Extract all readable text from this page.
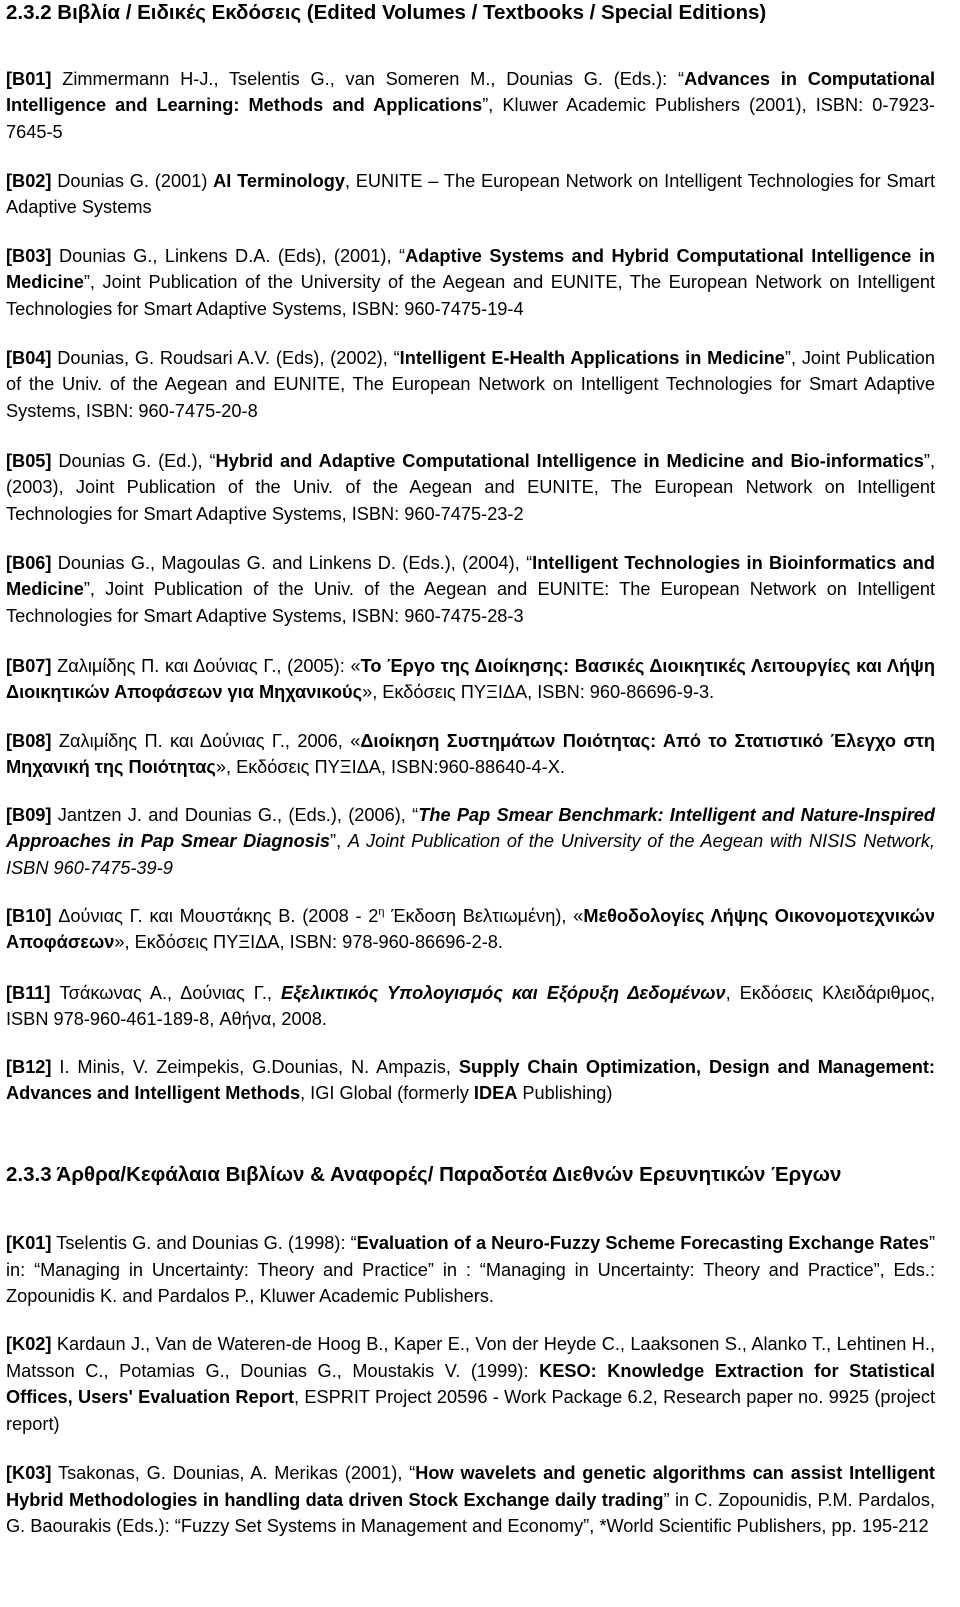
2.3.2 Βιβλία / Ειδικές Εκδόσεις (Edited Volumes / Textbooks / Special Editions)

[B01] Zimmermann H-J., Tselentis G., van Someren M., Dounias G. (Eds.): “Advances in Computational Intelligence and Learning: Methods and Applications”, Kluwer Academic Publishers (2001), ISBN: 0-7923-7645-5

[B02] Dounias G. (2001) AI Terminology, EUNITE – The European Network on Intelligent Technologies for Smart Adaptive Systems

[B03] Dounias G., Linkens D.A. (Eds), (2001), “Adaptive Systems and Hybrid Computational Intelligence in Medicine”, Joint Publication of the University of the Aegean and EUNITE, The European Network on Intelligent Technologies for Smart Adaptive Systems, ISBN: 960-7475-19-4

[B04] Dounias, G. Roudsari A.V. (Eds), (2002), “Intelligent E-Health Applications in Medicine”, Joint Publication of the Univ. of the Aegean and EUNITE, The European Network on Intelligent Technologies for Smart Adaptive Systems, ISBN: 960-7475-20-8

[B05] Dounias G. (Ed.), “Hybrid and Adaptive Computational Intelligence in Medicine and Bio-informatics”, (2003), Joint Publication of the Univ. of the Aegean and EUNITE, The European Network on Intelligent Technologies for Smart Adaptive Systems, ISBN: 960-7475-23-2

[B06] Dounias G., Magoulas G. and Linkens D. (Eds.), (2004), “Intelligent Technologies in Bioinformatics and Medicine”, Joint Publication of the Univ. of the Aegean and EUNITE: The European Network on Intelligent Technologies for Smart Adaptive Systems, ISBN: 960-7475-28-3

[B07] Ζαλιμίδης Π. και Δούνιας Γ., (2005): «Το Έργο της Διοίκησης: Βασικές Διοικητικές Λειτουργίες και Λήψη Διοικητικών Αποφάσεων για Μηχανικούς», Εκδόσεις ΠΥΞΙΔΑ, ISBN: 960-86696-9-3.

[B08] Ζαλιμίδης Π. και Δούνιας Γ., 2006, «Διοίκηση Συστημάτων Ποιότητας: Από το Στατιστικό Έλεγχο στη Μηχανική της Ποιότητας», Εκδόσεις ΠΥΞΙΔΑ, ISBN:960-88640-4-X.

[B09] Jantzen J. and Dounias G., (Eds.), (2006), “The Pap Smear Benchmark: Intelligent and Nature-Inspired Approaches in Pap Smear Diagnosis”, A Joint Publication of the University of the Aegean with NISIS Network, ISBN 960-7475-39-9

[B10] Δούνιας Γ. και Μουστάκης Β. ($2008 - 2^\eta$ Έκδοση Βελτιωμένη), «Μεθοδολογίες Λήψης Οικονομοτεχνικών Αποφάσεων», Εκδόσεις ΠΥΞΙΔΑ, ISBN: 978-960-86696-2-8.

[B11] Τσάκωνας Α., Δούνιας Γ., Εξελικτικός Υπολογισμός και Εξόρυξη Δεδομένων, Εκδόσεις Κλειδάριθμος, ISBN 978-960-461-189-8, Αθήνα, 2008.

[B12] I. Minis, V. Zeimpekis, G.Dounias, N. Ampazis, Supply Chain Optimization, Design and Management: Advances and Intelligent Methods, IGI Global (formerly IDEA Publishing)

2.3.3 Άρθρα/Κεφάλαια Βιβλίων & Αναφορές/ Παραδοτέα Διεθνών Ερευνητικών Έργων

[K01] Tselentis G. and Dounias G. (1998): “Evaluation of a Neuro-Fuzzy Scheme Forecasting Exchange Rates” in: “Managing in Uncertainty: Theory and Practice” in : “Managing in Uncertainty: Theory and Practice”, Eds.: Zopounidis K. and Pardalos P., Kluwer Academic Publishers.

[K02] Kardaun J., Van de Wateren-de Hoog B., Kaper E., Von der Heyde C., Laaksonen S., Alanko T., Lehtinen H., Matsson C., Potamias G., Dounias G., Moustakis V. (1999): KESO: Knowledge Extraction for Statistical Offices, Users' Evaluation Report, ESPRIT Project 20596 - Work Package 6.2, Research paper no. 9925 (project report)

[K03] Tsakonas, G. Dounias, A. Merikas (2001), “How wavelets and genetic algorithms can assist Intelligent Hybrid Methodologies in handling data driven Stock Exchange daily trading” in C. Zopounidis, P.M. Pardalos, G. Baourakis (Eds.): “Fuzzy Set Systems in Management and Economy”, *World Scientific Publishers, pp. 195-212
